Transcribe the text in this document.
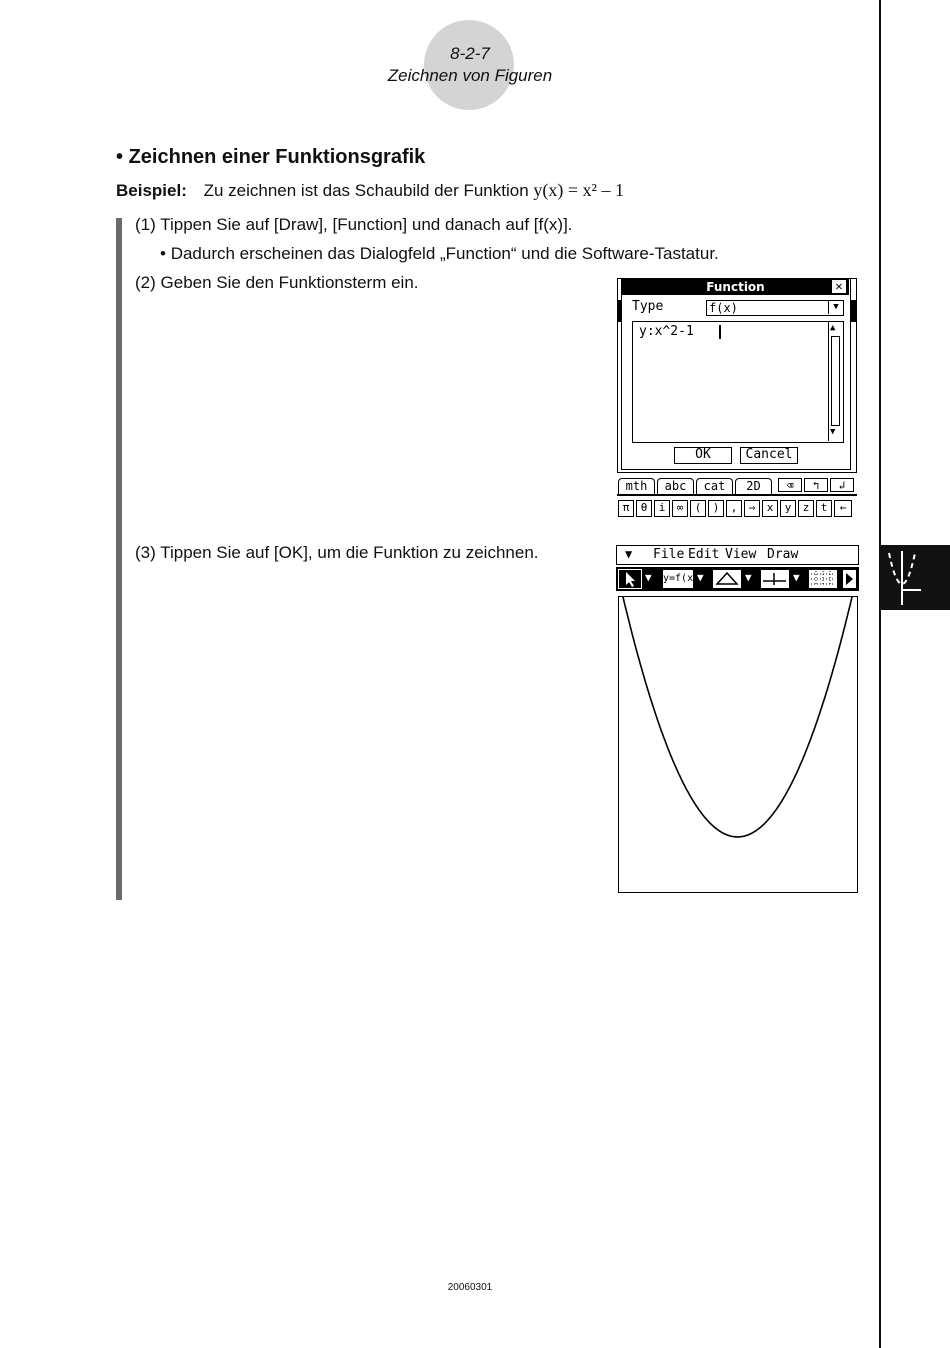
8-2-7
Zeichnen von Figuren
• Zeichnen einer Funktionsgrafik
Beispiel: Zu zeichnen ist das Schaubild der Funktion y(x) = x² – 1
(1) Tippen Sie auf [Draw], [Function] und danach auf [f(x)].
• Dadurch erscheinen das Dialogfeld „Function“ und die Software-Tastatur.
(2) Geben Sie den Funktionsterm ein.
(3) Tippen Sie auf [OK], um die Funktion zu zeichnen.
Function	✕
Type	f(x)	▼
y:x^2-1	▲
▼
OK	Cancel
mth	abc	cat	2D	⌫	↰	↲
π	θ	i	∞	(	)	,	⇒	x	y	z	t	←
▼ File Edit View Draw
▼ y=f(x)
▼	▼	▼
20060301
